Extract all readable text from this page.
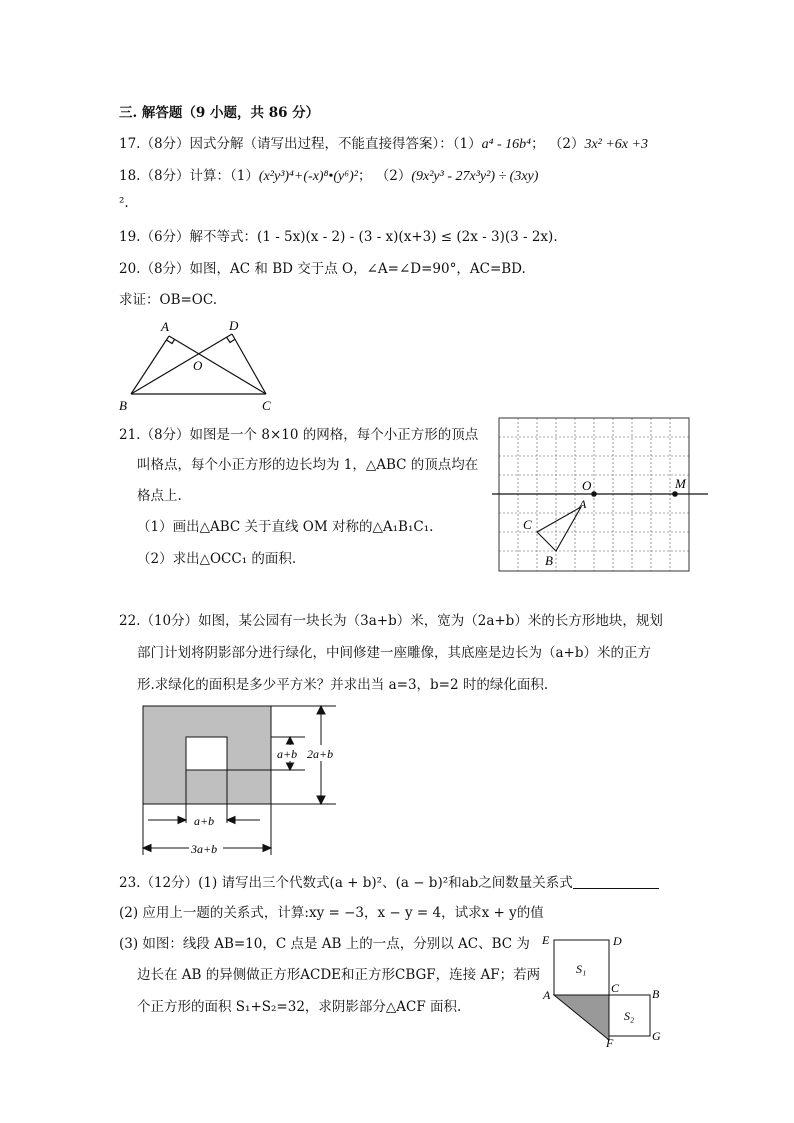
三. 解答题（9 小题，共 86 分）
17.（8分）因式分解（请写出过程，不能直接得答案）：（1）a⁴ - 16b⁴； （2）3x² +6x +3
18.（8分）计算：（1）(x²y³)⁴+(-x)⁸•(y⁶)²； （2）(9x²y³ - 27x³y²) ÷ (3xy)
².
19.（6分）解不等式：(1 - 5x)(x - 2) - (3 - x)(x+3) ≤ (2x - 3)(3 - 2x).
20.（8分）如图，AC 和 BD 交于点 O，∠A=∠D=90°，AC=BD.
求证：OB=OC.
A	D
O
B	C
21.（8分）如图是一个 8×10 的网格，每个小正方形的顶点
叫格点，每个小正方形的边长均为 1，△ABC 的顶点均在
格点上.
（1）画出△ABC 关于直线 OM 对称的△A₁B₁C₁.
（2）求出△OCC₁ 的面积.
O	M
A
C
B
22.（10分）如图，某公园有一块长为（3a+b）米，宽为（2a+b）米的长方形地块，规划
部门计划将阴影部分进行绿化，中间修建一座雕像，其底座是边长为（a+b）米的正方
形.求绿化的面积是多少平方米？并求出当 a=3，b=2 时的绿化面积.
a+b 2a+b
a+b
3a+b
23.（12分）(1) 请写出三个代数式(a + b)²、(a − b)²和ab之间数量关系式
(2) 应用上一题的关系式，计算:xy = −3，x − y = 4，试求x + y的值
(3) 如图：线段 AB=10，C 点是 AB 上的一点，分别以 AC、BC 为
边长在 AB 的异侧做正方形ACDE和正方形CBGF，连接 AF；若两
个正方形的面积 S₁+S₂=32，求阴影部分△ACF 面积.
E	D
S₁
A	C	B
S₂
F	G
